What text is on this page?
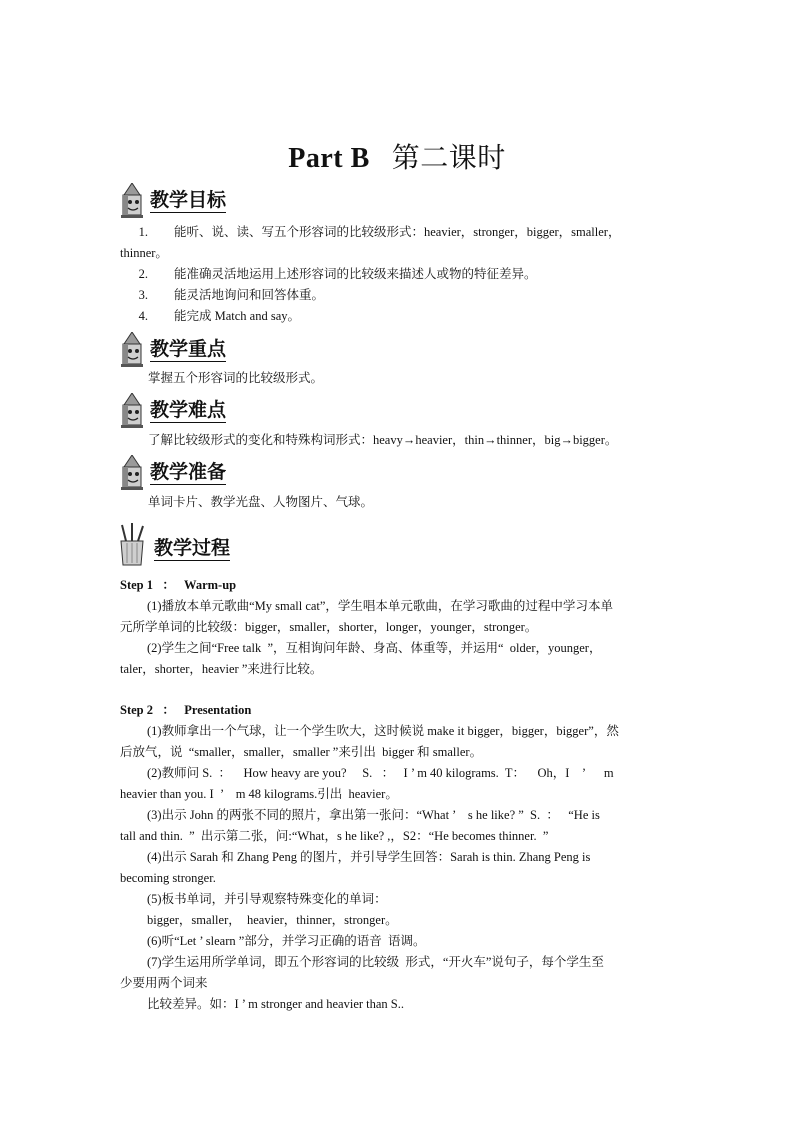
Part B 第二课时
教学目标
1. 能听、说、读、写五个形容词的比较级形式：heavier，stronger，bigger，smaller，
thinner。
2. 能准确灵活地运用上述形容词的比较级来描述人或物的特征差异。
3. 能灵活地询问和回答体重。
4. 能完成 Match and say。
教学重点
掌握五个形容词的比较级形式。
教学难点
了解比较级形式的变化和特殊构词形式：heavy→heavier，thin→thinner，big→bigger。
教学准备
单词卡片、教学光盘、人物图片、气球。
教学过程
Step 1   ：   Warm-up
(1)播放本单元歌曲“My small cat”，学生唱本单元歌曲，在学习歌曲的过程中学习本单
元所学单词的比较级：bigger，smaller，shorter，longer，younger，stronger。
(2)学生之间“Free talk  ”，互相询问年龄、身高、体重等，并运用“  older，younger，
taler，shorter，heavier ”来进行比较。
Step 2   ：   Presentation
(1)教师拿出一个气球，让一个学生吹大，这时候说 make it bigger，bigger，bigger”，然
后放气，说  “smaller，smaller，smaller ”来引出  bigger 和 smaller。
(2)教师问 S.  ：    How heavy are you?     S.   ：   I ’ m 40 kilograms.  T：    Oh，I    ’      m
heavier than you. I  ’    m 48 kilograms.引出  heavier。
(3)出示 John 的两张不同的照片，拿出第一张问：“What ’    s he like? ”  S.  ：   “He is
tall and thin.  ”  出示第二张，问:“What，s he like? ,，S2：“He becomes thinner.  ”
(4)出示 Sarah 和 Zhang Peng 的图片，并引导学生回答：Sarah is thin. Zhang Peng is
becoming stronger.
(5)板书单词，并引导观察特殊变化的单词：
bigger，smaller，  heavier，thinner，stronger。
(6)听“Let ’ slearn ”部分，并学习正确的语音  语调。
(7)学生运用所学单词，即五个形容词的比较级  形式，“开火车”说句子，每个学生至
少要用两个词来
比较差异。如：I ’ m stronger and heavier than S..
